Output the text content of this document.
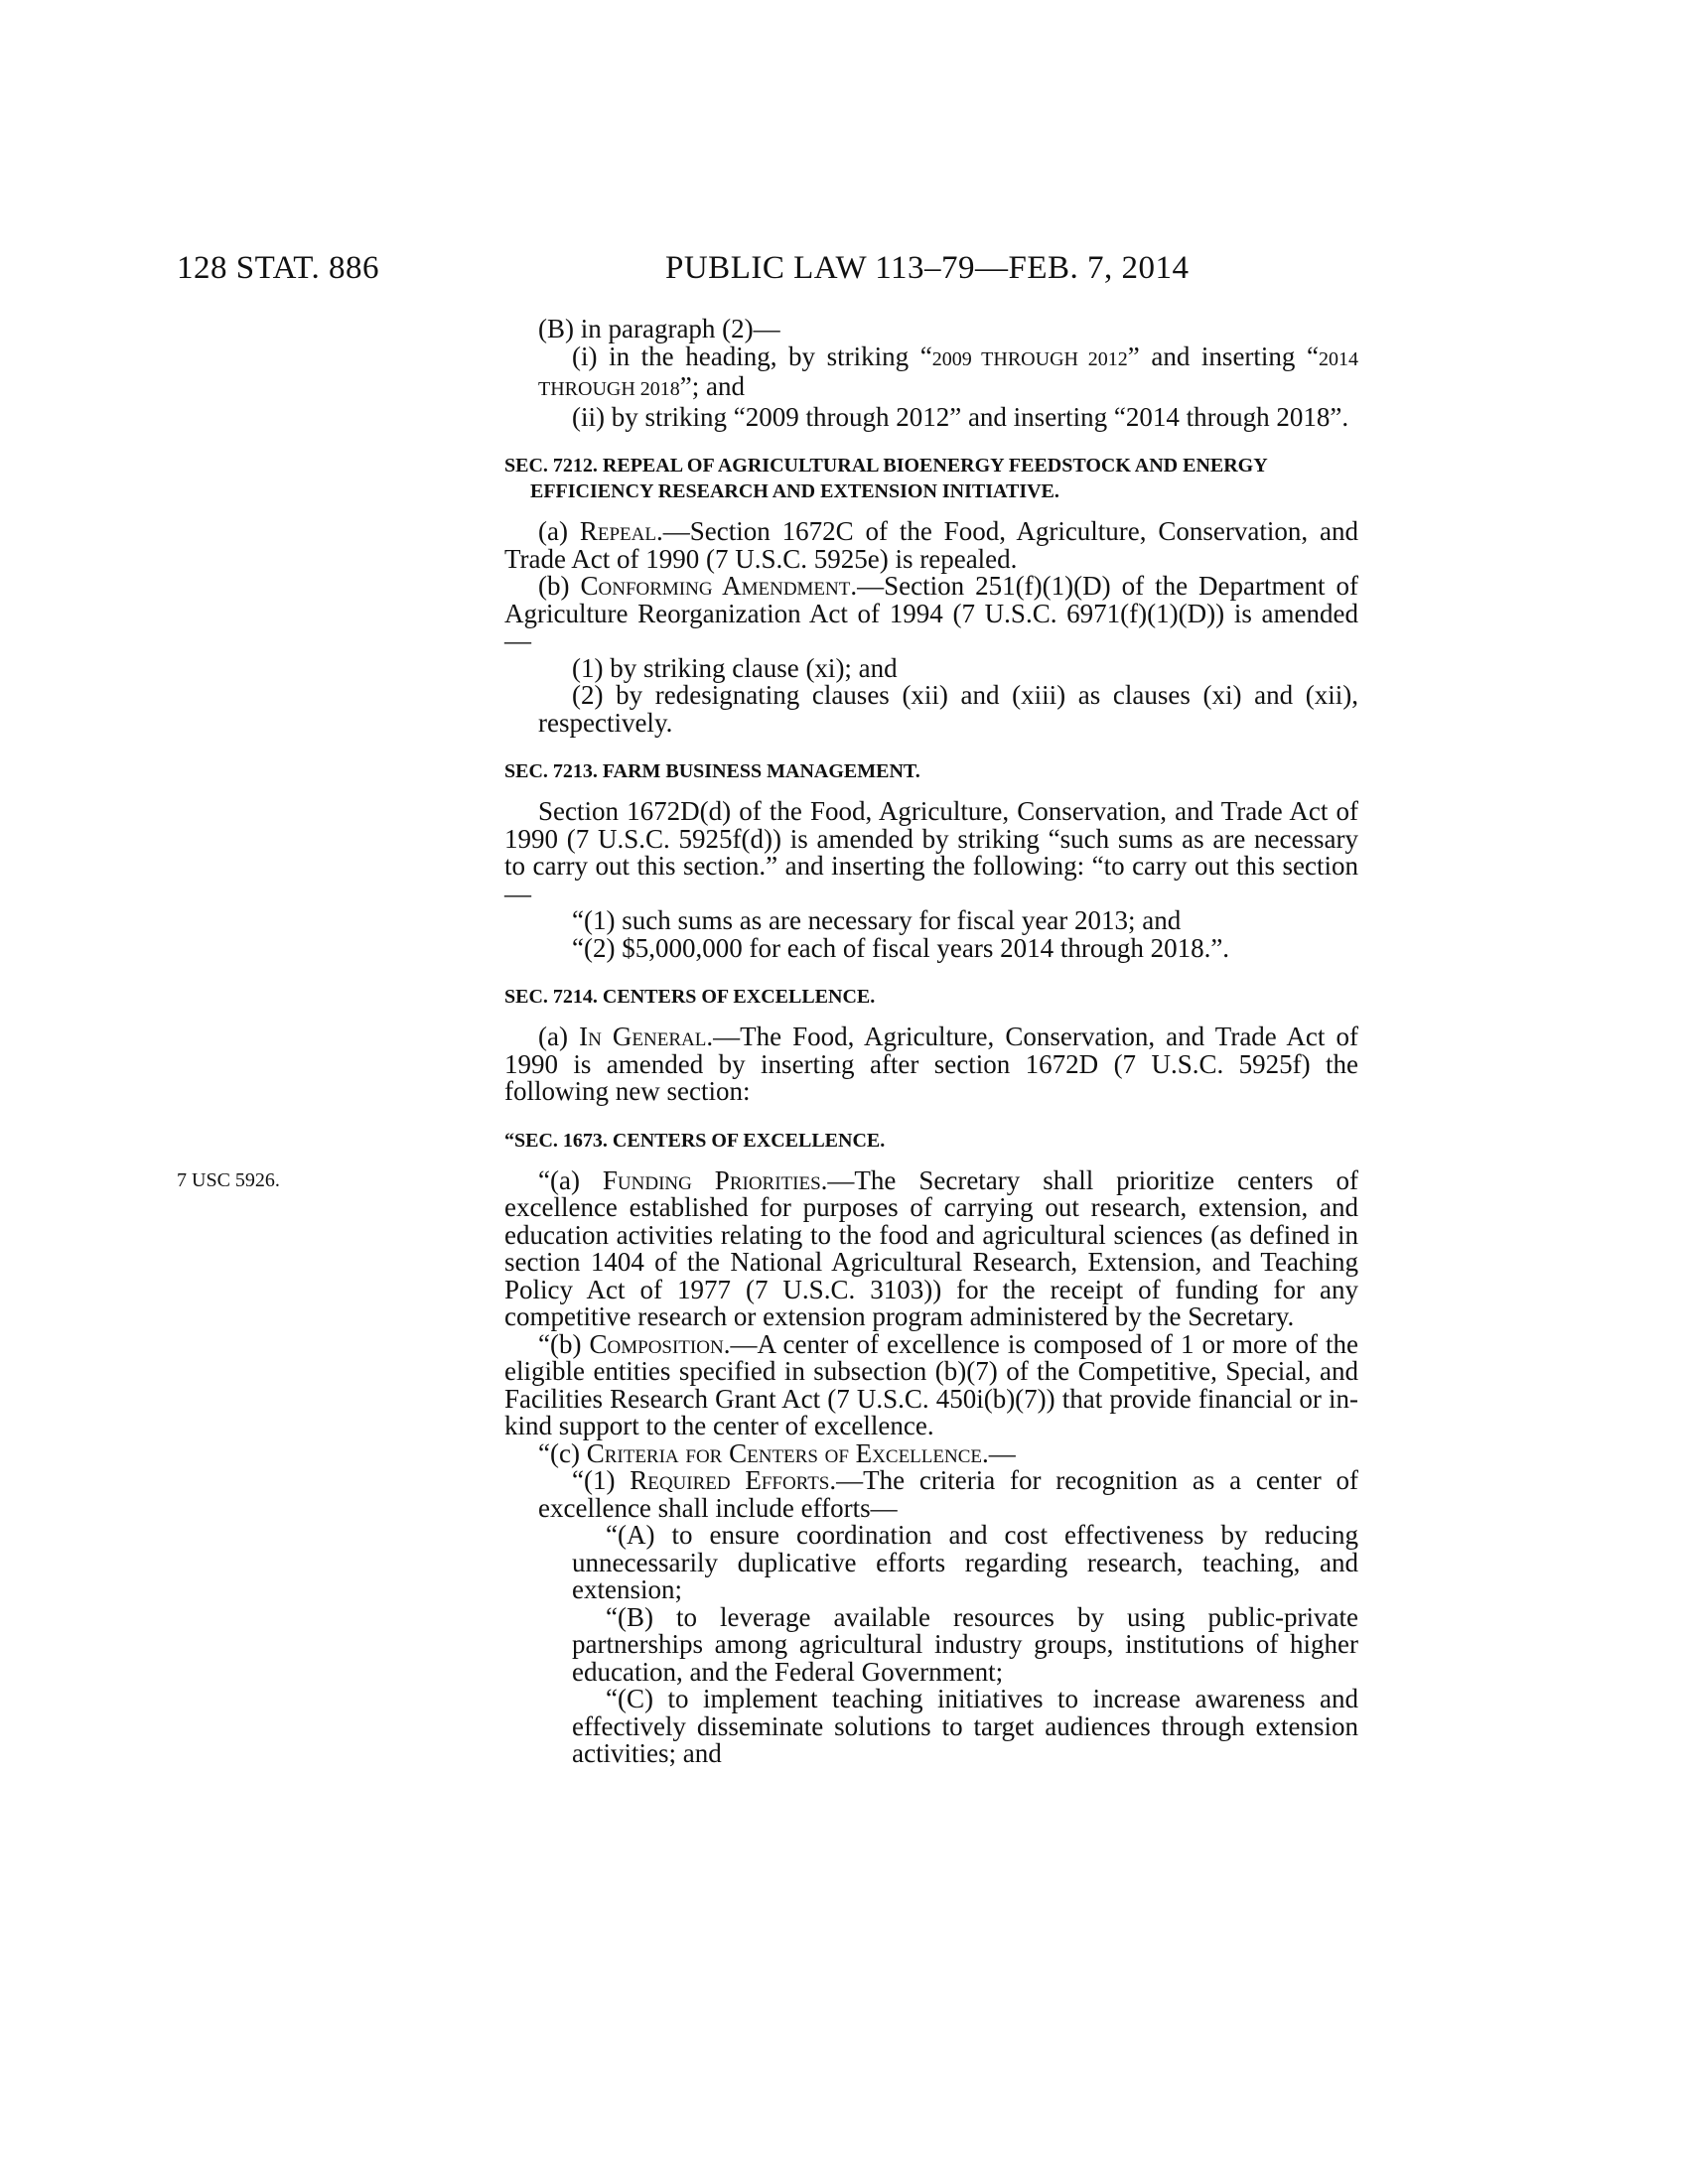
128 STAT. 886	PUBLIC LAW 113–79—FEB. 7, 2014
7 USC 5926.

(B) in paragraph (2)—

(i) in the heading, by striking “2009 THROUGH 2012” and inserting “2014 THROUGH 2018”; and

(ii) by striking “2009 through 2012” and inserting “2014 through 2018”.

SEC. 7212. REPEAL OF AGRICULTURAL BIOENERGY FEEDSTOCK AND ENERGY EFFICIENCY RESEARCH AND EXTENSION INITIATIVE.

(a) Repeal.—Section 1672C of the Food, Agriculture, Conservation, and Trade Act of 1990 (7 U.S.C. 5925e) is repealed.

(b) Conforming Amendment.—Section 251(f)(1)(D) of the Department of Agriculture Reorganization Act of 1994 (7 U.S.C. 6971(f)(1)(D)) is amended—

(1) by striking clause (xi); and

(2) by redesignating clauses (xii) and (xiii) as clauses (xi) and (xii), respectively.

SEC. 7213. FARM BUSINESS MANAGEMENT.

Section 1672D(d) of the Food, Agriculture, Conservation, and Trade Act of 1990 (7 U.S.C. 5925f(d)) is amended by striking “such sums as are necessary to carry out this section.” and inserting the following: “to carry out this section—

“(1) such sums as are necessary for fiscal year 2013; and

“(2) $5,000,000 for each of fiscal years 2014 through 2018.”.

SEC. 7214. CENTERS OF EXCELLENCE.

(a) In General.—The Food, Agriculture, Conservation, and Trade Act of 1990 is amended by inserting after section 1672D (7 U.S.C. 5925f) the following new section:

“SEC. 1673. CENTERS OF EXCELLENCE.

“(a) Funding Priorities.—The Secretary shall prioritize centers of excellence established for purposes of carrying out research, extension, and education activities relating to the food and agricultural sciences (as defined in section 1404 of the National Agricultural Research, Extension, and Teaching Policy Act of 1977 (7 U.S.C. 3103)) for the receipt of funding for any competitive research or extension program administered by the Secretary.

“(b) Composition.—A center of excellence is composed of 1 or more of the eligible entities specified in subsection (b)(7) of the Competitive, Special, and Facilities Research Grant Act (7 U.S.C. 450i(b)(7)) that provide financial or in-kind support to the center of excellence.

“(c) Criteria for Centers of Excellence.—

“(1) Required Efforts.—The criteria for recognition as a center of excellence shall include efforts—

“(A) to ensure coordination and cost effectiveness by reducing unnecessarily duplicative efforts regarding research, teaching, and extension;

“(B) to leverage available resources by using public-private partnerships among agricultural industry groups, institutions of higher education, and the Federal Government;

“(C) to implement teaching initiatives to increase awareness and effectively disseminate solutions to target audiences through extension activities; and
